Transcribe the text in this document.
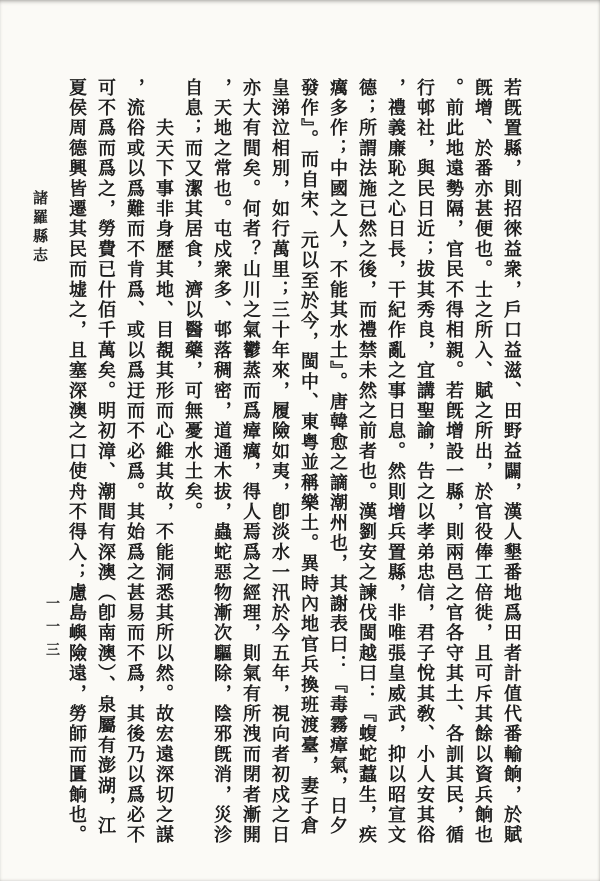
諸羅縣志
一一三	若旣置縣，則招徠益衆，戶口益滋、田野益闢，漢人墾番地爲田者計值代番輸餉，於賦
旣增、於番亦甚便也。士之所入、賦之所出，於官役俸工倍徙，且可斥其餘以資兵餉也
。前此地遠勢隔，官民不得相親。若旣增設一縣，則兩邑之官各守其土、各訓其民，循
行邨社，與民日近；拔其秀良，宜講聖諭，告之以孝弟忠信，君子悅其敎、小人安其俗
，禮義廉恥之心日長，干紀作亂之事日息。然則增兵置縣，非唯張皇威武，抑以昭宣文
德；所謂法施已然之後，而禮禁未然之前者也。漢劉安之諫伐閩越曰：『蝮蛇蠚生，疾
癘多作；中國之人，不能其水土』。唐韓愈之謫潮州也，其謝表曰：『毒霧瘴氣，日夕
發作』。而自宋、元以至於今，閩中、東粤並稱樂土。異時內地官兵換班渡臺，妻子倉
皇涕泣相別，如行萬里；三十年來，履險如夷，卽淡水一汛於今五年，視向者初戍之日
亦大有間矣。何者？山川之氣鬱蒸而爲瘴癘，得人焉爲之經理，則氣有所洩而閉者漸開
，天地之常也。屯戍衆多、邨落稠密，道通木拔，蟲蛇惡物漸次驅除，陰邪旣消，災沴
自息；而又潔其居食，濟以醫藥，可無憂水土矣。
　　夫天下事非身歷其地、目覩其形而心維其故，不能洞悉其所以然。故宏遠深切之謀
，流俗或以爲難而不肯爲、或以爲迂而不必爲。其始爲之甚易而不爲，其後乃以爲必不
可不爲而爲之，勞費已什佰千萬矣。明初漳、潮間有深澳（卽南澳）、泉屬有澎湖，江
夏侯周德興皆遷其民而墟之，且塞深澳之口使舟不得入；慮島嶼險遠，勞師而匱餉也。
